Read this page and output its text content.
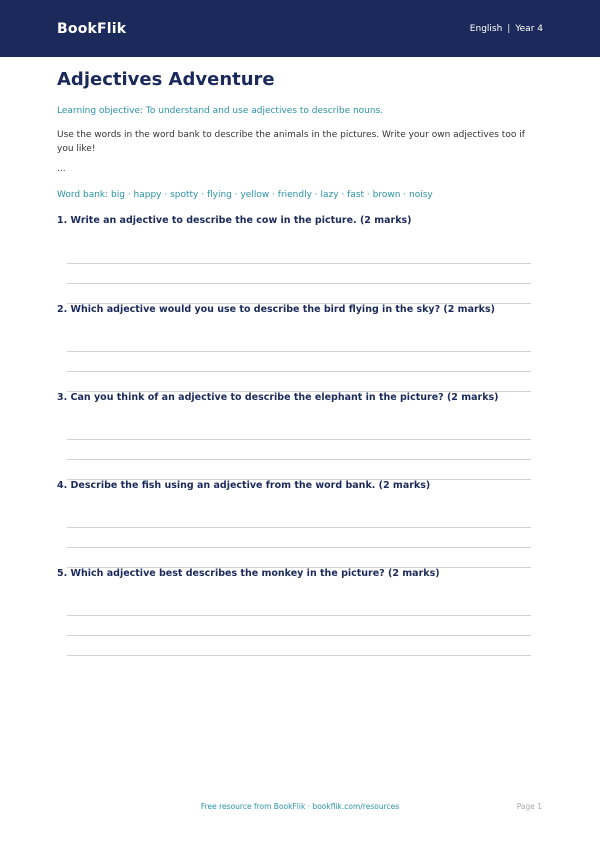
BookFlik	English | Year 4
Adjectives Adventure
Learning objective: To understand and use adjectives to describe nouns.
Use the words in the word bank to describe the animals in the pictures. Write your own adjectives too if you like!
...
Word bank: big · happy · spotty · flying · yellow · friendly · lazy · fast · brown · noisy
1. Write an adjective to describe the cow in the picture. (2 marks)
2. Which adjective would you use to describe the bird flying in the sky? (2 marks)
3. Can you think of an adjective to describe the elephant in the picture? (2 marks)
4. Describe the fish using an adjective from the word bank. (2 marks)
5. Which adjective best describes the monkey in the picture? (2 marks)
Free resource from BookFlik · bookflik.com/resources	Page 1
